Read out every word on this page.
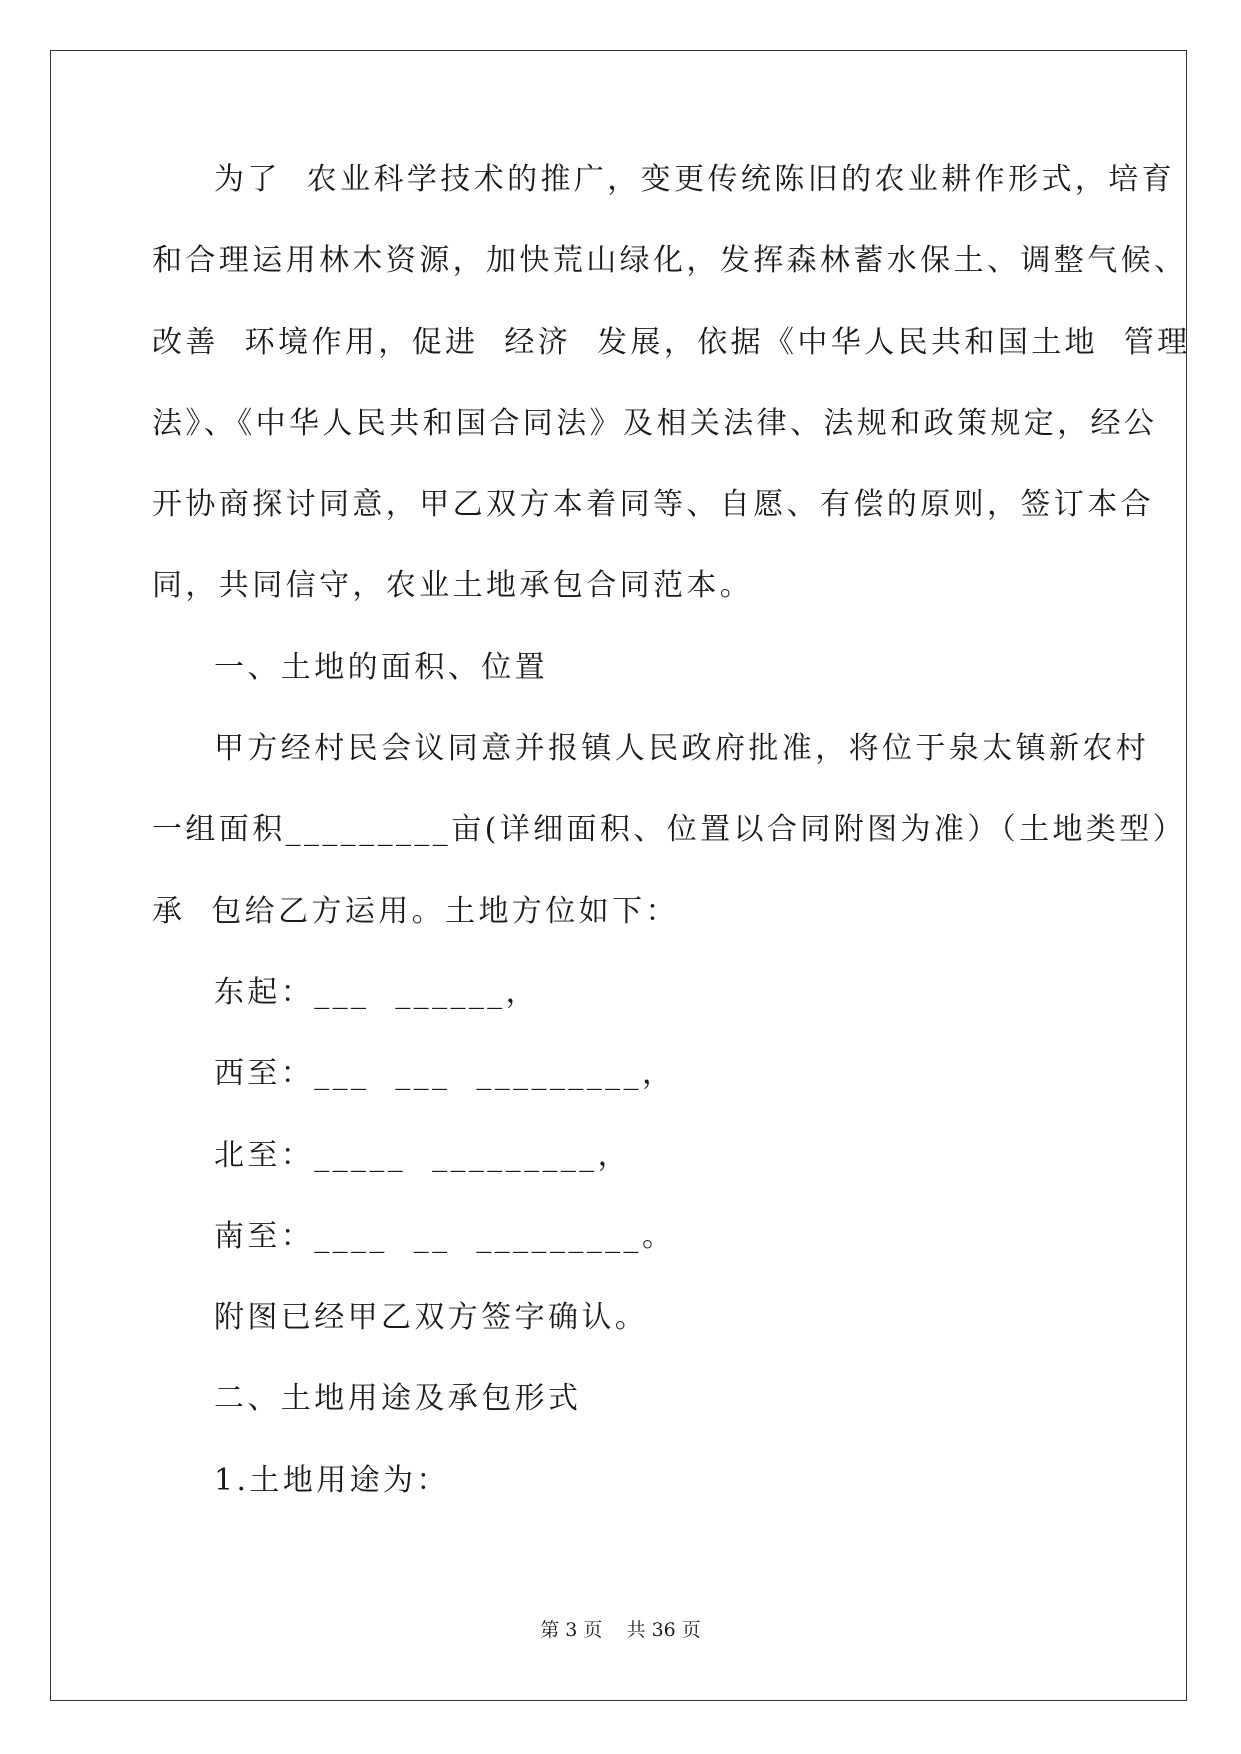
为了  农业科学技术的推广，变更传统陈旧的农业耕作形式，培育

和合理运用林木资源，加快荒山绿化，发挥森林蓄水保土、调整气候、

改善  环境作用，促进  经济  发展，依据《中华人民共和国土地  管理

法》、《中华人民共和国合同法》及相关法律、法规和政策规定，经公

开协商探讨同意，甲乙双方本着同等、自愿、有偿的原则，签订本合

同，共同信守，农业土地承包合同范本。

一、土地的面积、位置

甲方经村民会议同意并报镇人民政府批准，将位于泉太镇新农村

一组面积_________亩(详细面积、位置以合同附图为准）（土地类型）

承  包给乙方运用。土地方位如下：

东起：___  ______，

西至：___  ___  _________，

北至：_____  _________，

南至：____  __  _________。

附图已经甲乙双方签字确认。

二、土地用途及承包形式

1.土地用途为：

第 3 页    共 36 页
